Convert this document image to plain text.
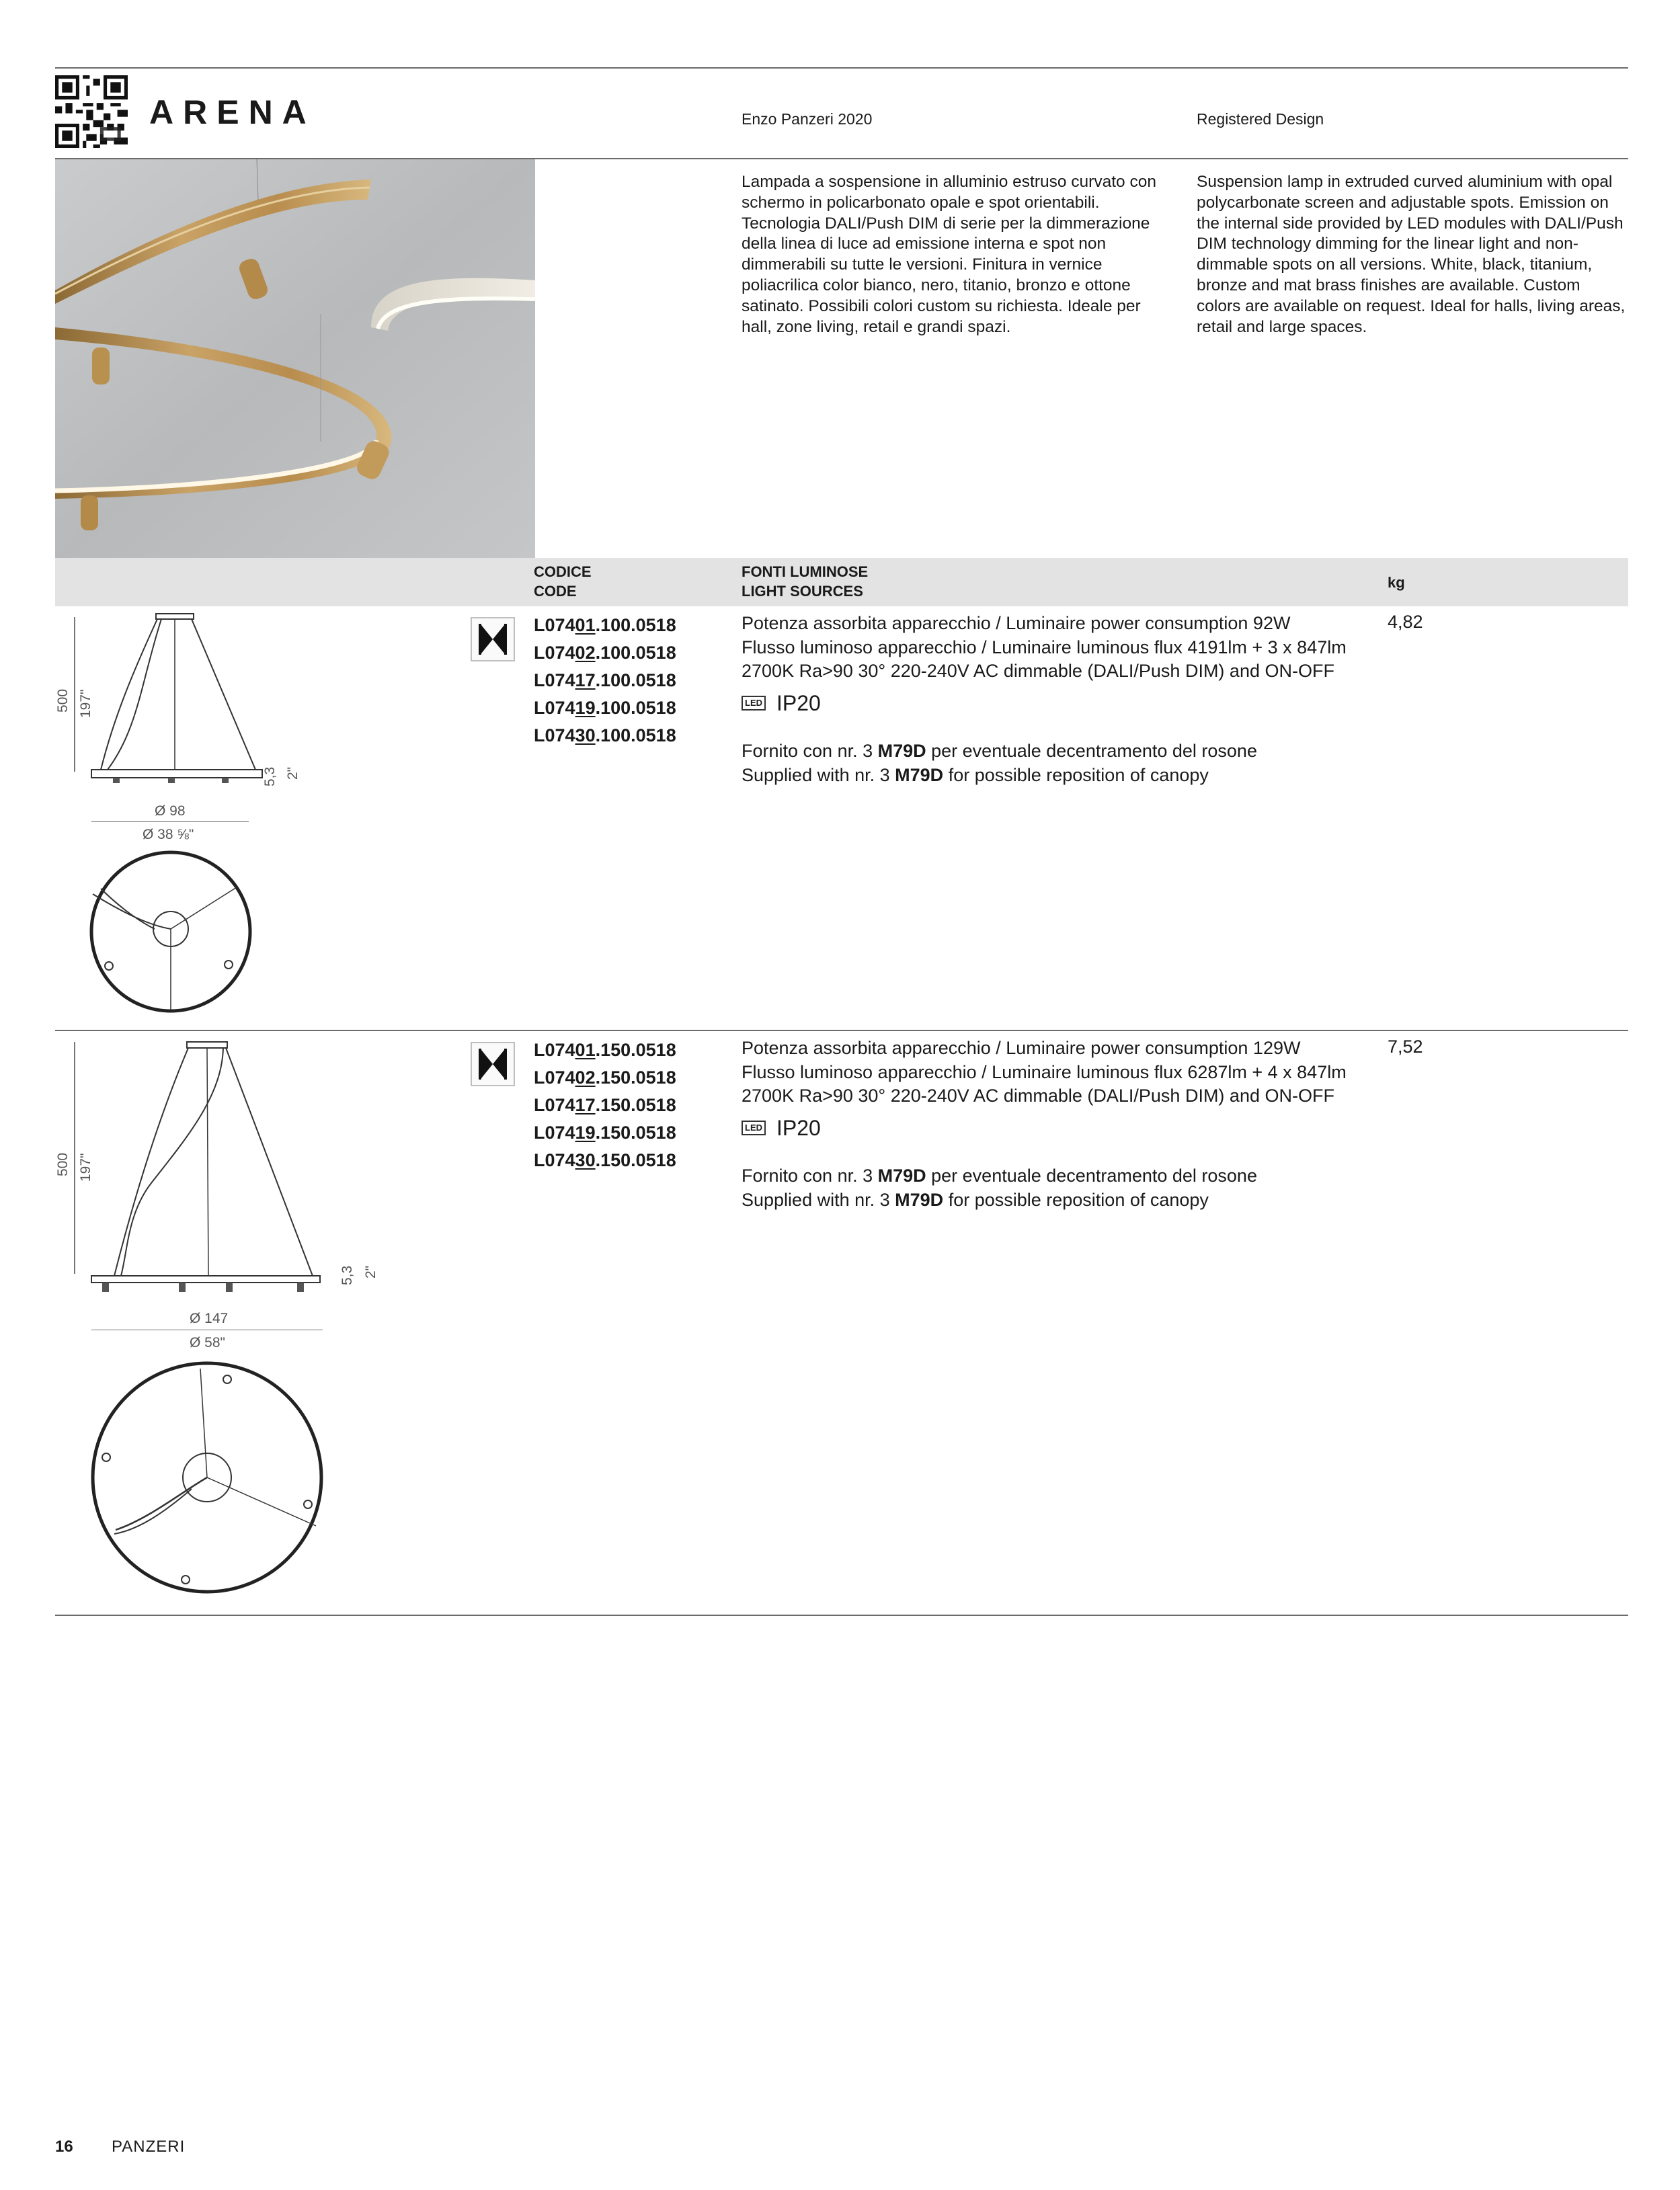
ARENA	Enzo Panzeri 2020	Registered Design
Lampada a sospensione in alluminio estruso curvato con schermo in policarbonato opale e spot orientabili. Tecnologia DALI/Push DIM di serie per la dimmerazione della linea di luce ad emissione interna e spot non dimmerabili su tutte le versioni. Finitura in vernice poliacrilica color bianco, nero, titanio, bronzo e ottone satinato. Possibili colori custom su richiesta. Ideale per hall, zone living, retail e grandi spazi.
Suspension lamp in extruded curved aluminium with opal polycarbonate screen and adjustable spots. Emission on the internal side provided by LED modules with DALI/Push DIM technology dimming for the linear light and non-dimmable spots on all versions. White, black, titanium, bronze and mat brass finishes are available. Custom colors are available on request. Ideal for halls, living areas, retail and large spaces.
CODICE
CODE
FONTI LUMINOSE
LIGHT SOURCES
kg
500 197"
5,3 2"
Ø 98
Ø 38 ⅝"
L07401.100.0518
L07402.100.0518
L07417.100.0518
L07419.100.0518
L07430.100.0518
Potenza assorbita apparecchio / Luminaire power consumption 92W
Flusso luminoso apparecchio / Luminaire luminous flux 4191lm + 3 x 847lm
2700K Ra>90 30° 220-240V AC dimmable (DALI/Push DIM) and ON-OFF
LED IP20
Fornito con nr. 3 M79D per eventuale decentramento del rosone
Supplied with nr. 3 M79D for possible reposition of canopy
4,82
500 197"
5,3 2"
Ø 147
Ø 58"
L07401.150.0518
L07402.150.0518
L07417.150.0518
L07419.150.0518
L07430.150.0518
Potenza assorbita apparecchio / Luminaire power consumption 129W
Flusso luminoso apparecchio / Luminaire luminous flux 6287lm + 4 x 847lm
2700K Ra>90 30° 220-240V AC dimmable (DALI/Push DIM) and ON-OFF
LED IP20
Fornito con nr. 3 M79D per eventuale decentramento del rosone
Supplied with nr. 3 M79D for possible reposition of canopy
7,52
16 PANZERI
